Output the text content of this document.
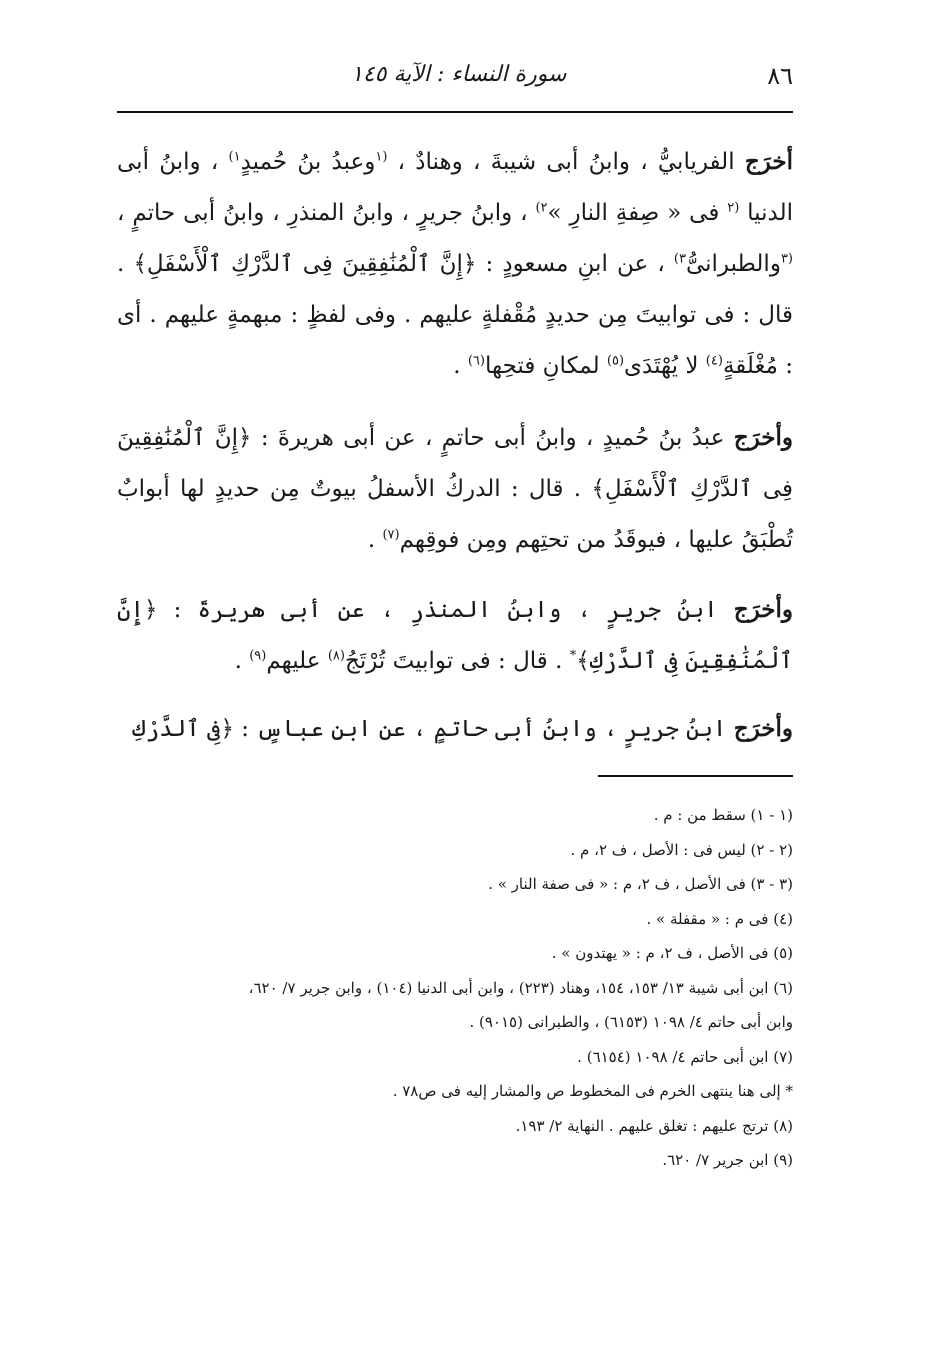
٨٦
سورة النساء : الآية ١٤٥

أخرَج الفريابيُّ ، وابنُ أبى شيبةَ ، وهنادٌ ، $^{(١}$وعبدُ بنُ حُميدٍ$^{١)}$ ، وابنُ أبى الدنيا $^{(٢}$ فى « صِفةِ النارِ »$^{٢)}$ ، وابنُ جريرٍ ، وابنُ المنذرِ ، وابنُ أبى حاتمٍ ، $^{(٣}$والطبرانىُّ$^{٣)}$ ، عن ابنِ مسعودٍ : ﴿إِنَّ ٱلْمُنَٰفِقِينَ فِى ٱلدَّرْكِ ٱلْأَسْفَلِ﴾ . قال : فى توابيتَ مِن حديدٍ مُقْفلةٍ عليهم . وفى لفظٍ : مبهمةٍ عليهم . أى : مُغْلَقةٍ$^{(٤)}$ لا يُهْتَدَى$^{(٥)}$ لمكانِ فتحِها$^{(٦)}$ .

وأخرَج عبدُ بنُ حُميدٍ ، وابنُ أبى حاتمٍ ، عن أبى هريرةَ : ﴿إِنَّ ٱلْمُنَٰفِقِينَ فِى ٱلدَّرْكِ ٱلْأَسْفَلِ﴾ . قال : الدركُ الأسفلُ بيوتٌ مِن حديدٍ لها أبوابٌ تُطْبَقُ عليها ، فيوقَدُ من تحتِهم ومِن فوقِهم$^{(٧)}$ .

وأخرَج ابنُ جريرٍ ، وابنُ المنذرِ ، عن أبى هريرةَ : ﴿إِنَّ ٱلْمُنَٰفِقِينَ فِى ٱلدَّرْكِ﴾* . قال : فى توابيتَ تُرْتَجُ$^{(٨)}$ عليهم$^{(٩)}$ .

وأخرَج ابنُ جريرٍ ، وابنُ أبى حاتمٍ ، عن ابنِ عباسٍ : ﴿فِى ٱلدَّرْكِ

(١ - ١) سقط من : م .

(٢ - ٢) ليس فى : الأصل ، ف ٢، م .

(٣ - ٣) فى الأصل ، ف ٢، م : « فى صفة النار » .

(٤) فى م : « مقفلة » .

(٥) فى الأصل ، ف ٢، م : « يهتدون » .

(٦) ابن أبى شيبة ١٣/ ١٥٣، ١٥٤، وهناد (٢٢٣) ، وابن أبى الدنيا (١٠٤) ، وابن جرير ٧/ ٦٢٠،

وابن أبى حاتم ٤/ ١٠٩٨ (٦١٥٣) ، والطبرانى (٩٠١٥) .

(٧) ابن أبى حاتم ٤/ ١٠٩٨ (٦١٥٤) .

* إلى هنا ينتهى الخرم فى المخطوط ص والمشار إليه فى ص٧٨ .

(٨) ترتج عليهم : تغلق عليهم . النهاية ٢/ ١٩٣.

(٩) ابن جرير ٧/ ٦٢٠.
